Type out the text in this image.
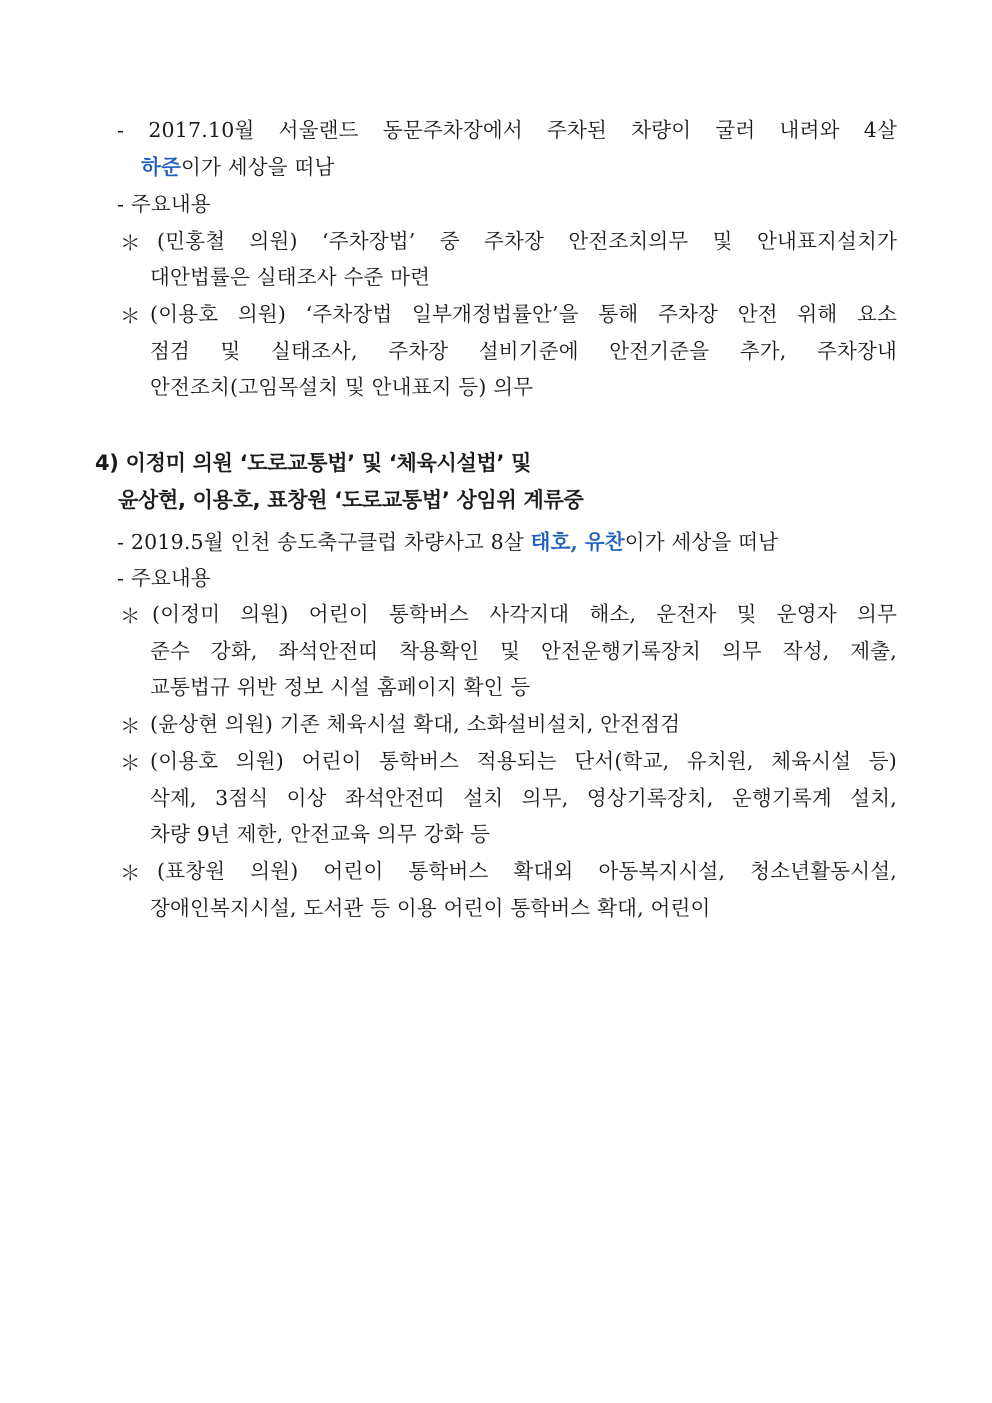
- 2017.10월 서울랜드 동문주차장에서 주차된 차량이 굴러 내려와 4살
하준이가 세상을 떠남
- 주요내용
＊ (민홍철 의원) ‘주차장법’ 중 주차장 안전조치의무 및 안내표지설치가
대안법률은 실태조사 수준 마련
＊ (이용호 의원) ‘주차장법 일부개정법률안’을 통해 주차장 안전 위해 요소
점검 및 실태조사, 주차장 설비기준에 안전기준을 추가, 주차장내
안전조치(고임목설치 및 안내표지 등) 의무
4) 이정미 의원 ‘도로교통법’ 및 ‘체육시설법’ 및
윤상현, 이용호, 표창원 ‘도로교통법’ 상임위 계류중
- 2019.5월 인천 송도축구클럽 차량사고 8살 태호, 유찬이가 세상을 떠남
- 주요내용
＊ (이정미 의원) 어린이 통학버스 사각지대 해소, 운전자 및 운영자 의무
준수 강화, 좌석안전띠 착용확인 및 안전운행기록장치 의무 작성, 제출,
교통법규 위반 정보 시설 홈페이지 확인 등
＊ (윤상현 의원) 기존 체육시설 확대, 소화설비설치, 안전점검
＊ (이용호 의원) 어린이 통학버스 적용되는 단서(학교, 유치원, 체육시설 등)
삭제, 3점식 이상 좌석안전띠 설치 의무, 영상기록장치, 운행기록계 설치,
차량 9년 제한, 안전교육 의무 강화 등
＊ (표창원 의원) 어린이 통학버스 확대외 아동복지시설, 청소년활동시설,
장애인복지시설, 도서관 등 이용 어린이 통학버스 확대, 어린이
